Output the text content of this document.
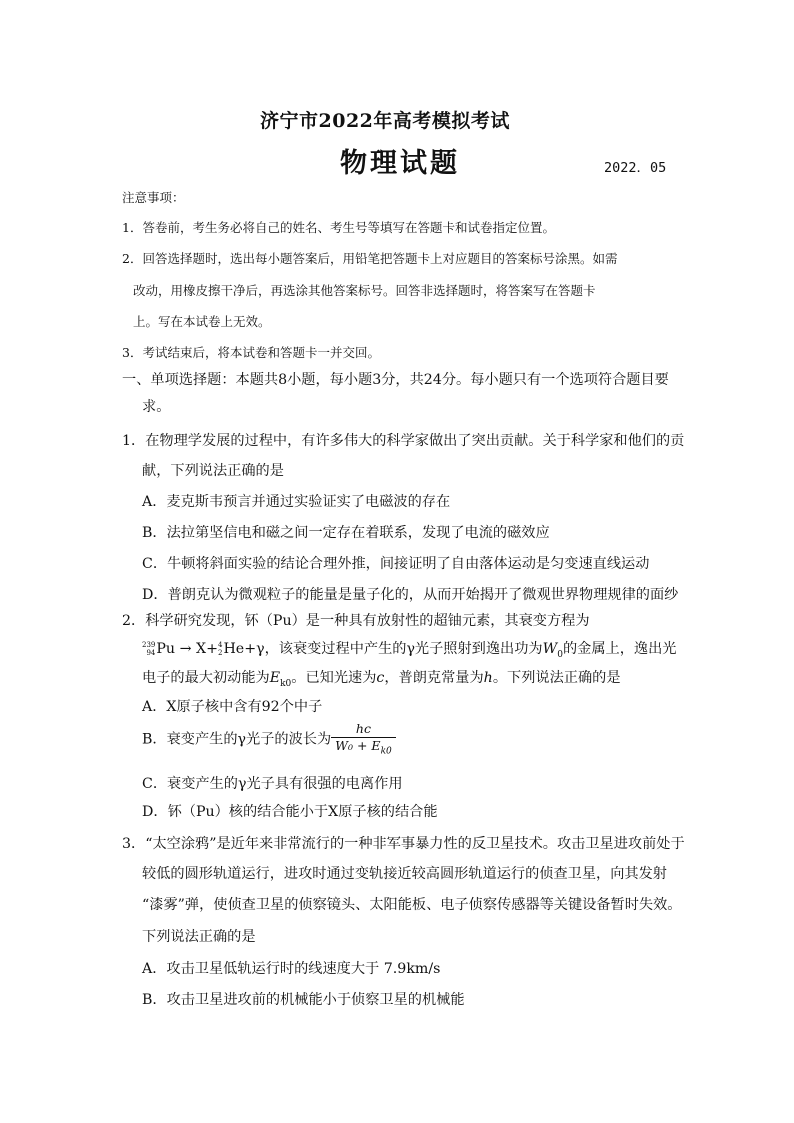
济宁市2022年高考模拟考试
物理试题	2022．05
注意事项：
1．答卷前，考生务必将自己的姓名、考生号等填写在答题卡和试卷指定位置。
2．回答选择题时，选出每小题答案后，用铅笔把答题卡上对应题目的答案标号涂黑。如需
改动，用橡皮擦干净后，再选涂其他答案标号。回答非选择题时，将答案写在答题卡
上。写在本试卷上无效。
3．考试结束后，将本试卷和答题卡一并交回。
一、单项选择题：本题共8小题，每小题3分，共24分。每小题只有一个选项符合题目要
求。
1．在物理学发展的过程中，有许多伟大的科学家做出了突出贡献。关于科学家和他们的贡
献，下列说法正确的是
A．麦克斯韦预言并通过实验证实了电磁波的存在
B．法拉第坚信电和磁之间一定存在着联系，发现了电流的磁效应
C．牛顿将斜面实验的结论合理外推，间接证明了自由落体运动是匀变速直线运动
D．普朗克认为微观粒子的能量是量子化的，从而开始揭开了微观世界物理规律的面纱
2．科学研究发现，钚（Pu）是一种具有放射性的超铀元素，其衰变方程为
239
94 Pu → X+ 4
2 He+γ，该衰变过程中产生的γ光子照射到逸出功为$W_0$的金属上，逸出光
电子的最大初动能为$E_{k0}$。已知光速为c，普朗克常量为h。下列说法正确的是
A．X原子核中含有92个中子
B．衰变产生的γ光子的波长为 $\frac{hc}{W_0 + E_{k0}}$
C．衰变产生的γ光子具有很强的电离作用
D．钚（Pu）核的结合能小于X原子核的结合能
3．“太空涂鸦”是近年来非常流行的一种非军事暴力性的反卫星技术。攻击卫星进攻前处于
较低的圆形轨道运行，进攻时通过变轨接近较高圆形轨道运行的侦查卫星，向其发射
“漆雾”弹，使侦查卫星的侦察镜头、太阳能板、电子侦察传感器等关键设备暂时失效。
下列说法正确的是
A．攻击卫星低轨运行时的线速度大于 7.9km/s
B．攻击卫星进攻前的机械能小于侦察卫星的机械能
